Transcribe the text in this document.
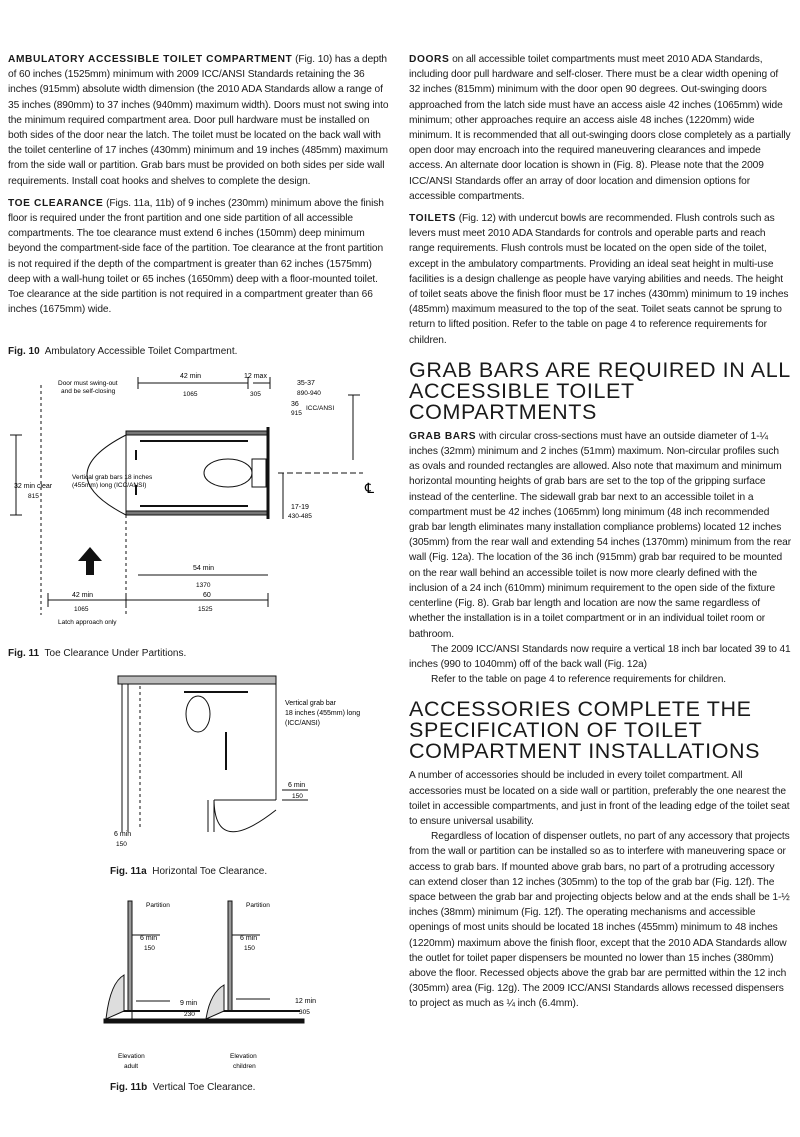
AMBULATORY ACCESSIBLE TOILET COMPARTMENT (Fig. 10) has a depth of 60 inches (1525mm) minimum with 2009 ICC/ANSI Standards retaining the 36 inches (915mm) absolute width dimension (the 2010 ADA Standards allow a range of 35 inches (890mm) to 37 inches (940mm) maximum width). Doors must not swing into the minimum required compartment area. Door pull hardware must be installed on both sides of the door near the latch. The toilet must be located on the back wall with the toilet centerline of 17 inches (430mm) minimum and 19 inches (485mm) maximum from the side wall or partition. Grab bars must be provided on both sides per side wall requirements. Install coat hooks and shelves to complete the design.

TOE CLEARANCE (Figs. 11a, 11b) of 9 inches (230mm) minimum above the finish floor is required under the front partition and one side partition of all accessible compartments. The toe clearance must extend 6 inches (150mm) deep minimum beyond the compartment-side face of the partition. Toe clearance at the front partition is not required if the depth of the compartment is greater than 62 inches (1575mm) deep with a wall-hung toilet or 65 inches (1650mm) deep with a floor-mounted toilet. Toe clearance at the side partition is not required in a compartment greater than 66 inches (1675mm) wide.

Fig. 10 Ambulatory Accessible Toilet Compartment.
Door must swing-out
and be self-closing
42 min
1065
12 max
305
35-37
890-940
36
915
ICC/ANSI
32 min clear
815
Vertical grab bars 18 inches
(455mm) long (ICC/ANSI)
17-19
430-485
54 min
1370
42 min
1065
60
1525
Latch approach only
℄
Fig. 11 Toe Clearance Under Partitions.
Vertical grab bar
18 inches (455mm) long
(ICC/ANSI)
6 min
150
6 min
150
Fig. 11a Horizontal Toe Clearance.
Partition	Partition
6 min
150
6 min
150
9 min
230
12 min
305
Elevation
adult
Elevation
children
Fig. 11b Vertical Toe Clearance.

DOORS on all accessible toilet compartments must meet 2010 ADA Standards, including door pull hardware and self-closer. There must be a clear width opening of 32 inches (815mm) minimum with the door open 90 degrees. Out-swinging doors approached from the latch side must have an access aisle 42 inches (1065mm) wide minimum; other approaches require an access aisle 48 inches (1220mm) wide minimum. It is recommended that all out-swinging doors close completely as a partially open door may encroach into the required maneuvering clearances and impede access. An alternate door location is shown in (Fig. 8). Please note that the 2009 ICC/ANSI Standards offer an array of door location and dimension options for accessible compartments.

TOILETS (Fig. 12) with undercut bowls are recommended. Flush controls such as levers must meet 2010 ADA Standards for controls and operable parts and reach range requirements. Flush controls must be located on the open side of the toilet, except in the ambulatory compartments. Providing an ideal seat height in multi-use facilities is a design challenge as people have varying abilities and needs. The height of toilet seats above the finish floor must be 17 inches (430mm) minimum to 19 inches (485mm) maximum measured to the top of the seat. Toilet seats cannot be sprung to return to lifted position. Refer to the table on page 4 to reference requirements for children.

GRAB BARS ARE REQUIRED IN ALL ACCESSIBLE TOILET COMPARTMENTS

GRAB BARS with circular cross-sections must have an outside diameter of 1-¼ inches (32mm) minimum and 2 inches (51mm) maximum. Non-circular profiles such as ovals and rounded rectangles are allowed. Also note that maximum and minimum horizontal mounting heights of grab bars are set to the top of the gripping surface instead of the centerline. The sidewall grab bar next to an accessible toilet in a compartment must be 42 inches (1065mm) long minimum (48 inch recommended grab bar length eliminates many installation compliance problems) located 12 inches (305mm) from the rear wall and extending 54 inches (1370mm) minimum from the rear wall (Fig. 12a). The location of the 36 inch (915mm) grab bar required to be mounted on the rear wall behind an accessible toilet is now more clearly defined with the inclusion of a 24 inch (610mm) minimum requirement to the open side of the fixture centerline (Fig. 8). Grab bar length and location are now the same regardless of whether the installation is in a toilet compartment or in an individual toilet room or bathroom.

The 2009 ICC/ANSI Standards now require a vertical 18 inch bar located 39 to 41 inches (990 to 1040mm) off of the back wall (Fig. 12a)

Refer to the table on page 4 to reference requirements for children.

ACCESSORIES COMPLETE THE SPECIFICATION OF TOILET COMPARTMENT INSTALLATIONS

A number of accessories should be included in every toilet compartment. All accessories must be located on a side wall or partition, preferably the one nearest the toilet in accessible compartments, and just in front of the leading edge of the toilet seat to ensure universal usability.

Regardless of location of dispenser outlets, no part of any accessory that projects from the wall or partition can be installed so as to interfere with maneuvering space or access to grab bars. If mounted above grab bars, no part of a protruding accessory can extend closer than 12 inches (305mm) to the top of the grab bar (Fig. 12f). The space between the grab bar and projecting objects below and at the ends shall be 1-½ inches (38mm) minimum (Fig. 12f). The operating mechanisms and accessible openings of most units should be located 18 inches (455mm) minimum to 48 inches (1220mm) maximum above the finish floor, except that the 2010 ADA Standards allow the outlet for toilet paper dispensers be mounted no lower than 15 inches (380mm) above the floor. Recessed objects above the grab bar are permitted within the 12 inch (305mm) area (Fig. 12g). The 2009 ICC/ANSI Standards allows recessed dispensers to project as much as ¼ inch (6.4mm).
